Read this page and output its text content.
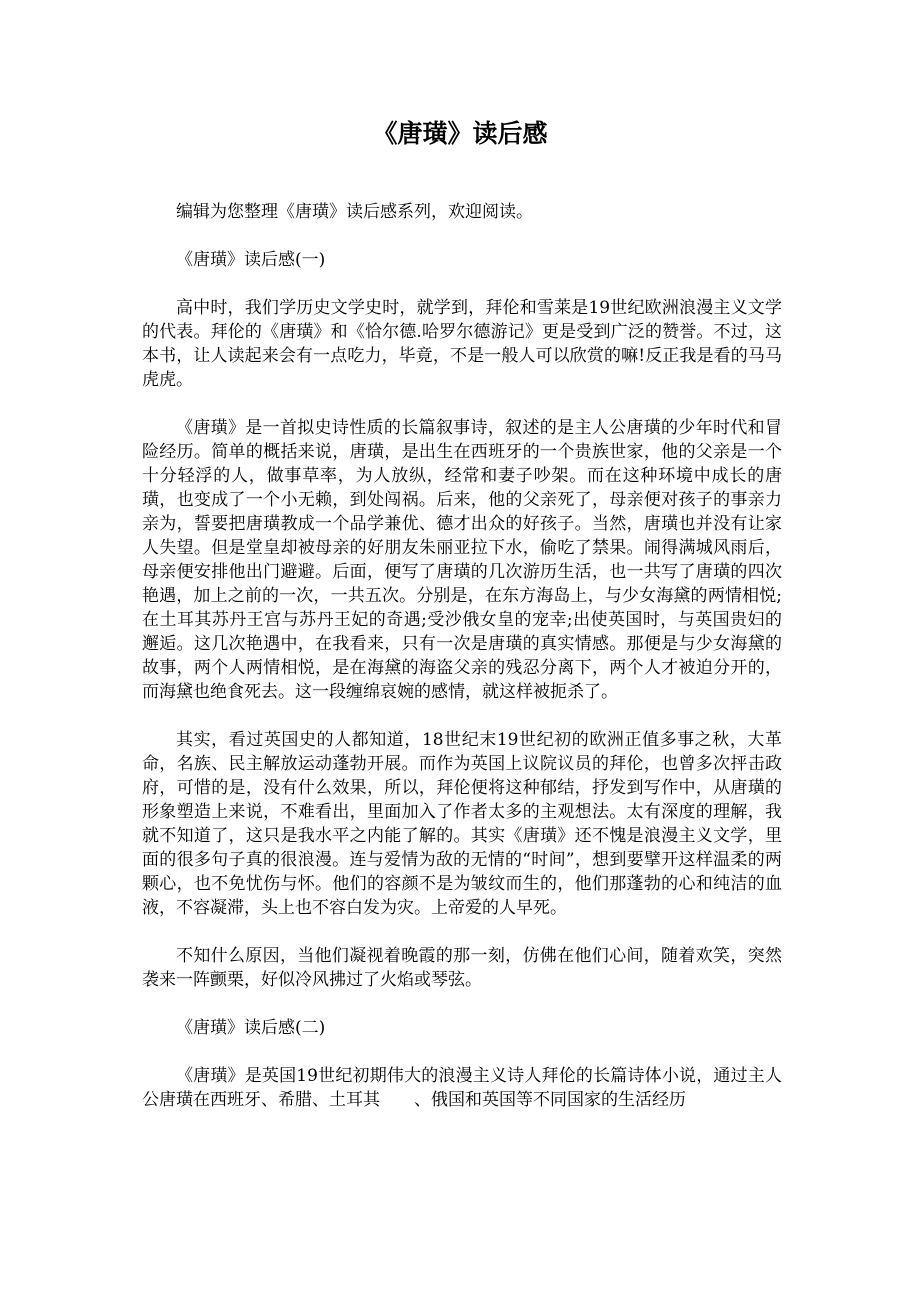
《唐璜》读后感

编辑为您整理《唐璜》读后感系列，欢迎阅读。

《唐璜》读后感(一)

高中时，我们学历史文学史时，就学到，拜伦和雪莱是19世纪欧洲浪漫主义文学的代表。拜伦的《唐璜》和《恰尔德.哈罗尔德游记》更是受到广泛的赞誉。不过，这本书，让人读起来会有一点吃力，毕竟，不是一般人可以欣赏的嘛!反正我是看的马马虎虎。

《唐璜》是一首拟史诗性质的长篇叙事诗，叙述的是主人公唐璜的少年时代和冒险经历。简单的概括来说，唐璜，是出生在西班牙的一个贵族世家，他的父亲是一个十分轻浮的人，做事草率，为人放纵，经常和妻子吵架。而在这种环境中成长的唐璜，也变成了一个小无赖，到处闯祸。后来，他的父亲死了，母亲便对孩子的事亲力亲为，誓要把唐璜教成一个品学兼优、德才出众的好孩子。当然，唐璜也并没有让家人失望。但是堂皇却被母亲的好朋友朱丽亚拉下水，偷吃了禁果。闹得满城风雨后，母亲便安排他出门避避。后面，便写了唐璜的几次游历生活，也一共写了唐璜的四次艳遇，加上之前的一次，一共五次。分别是，在东方海岛上，与少女海黛的两情相悦;在土耳其苏丹王宫与苏丹王妃的奇遇;受沙俄女皇的宠幸;出使英国时，与英国贵妇的邂逅。这几次艳遇中，在我看来，只有一次是唐璜的真实情感。那便是与少女海黛的故事，两个人两情相悦，是在海黛的海盗父亲的残忍分离下，两个人才被迫分开的，而海黛也绝食死去。这一段缠绵哀婉的感情，就这样被扼杀了。

其实，看过英国史的人都知道，18世纪末19世纪初的欧洲正值多事之秋，大革命，名族、民主解放运动蓬勃开展。而作为英国上议院议员的拜伦，也曾多次抨击政府，可惜的是，没有什么效果，所以，拜伦便将这种郁结，抒发到写作中，从唐璜的形象塑造上来说，不难看出，里面加入了作者太多的主观想法。太有深度的理解，我就不知道了，这只是我水平之内能了解的。其实《唐璜》还不愧是浪漫主义文学，里面的很多句子真的很浪漫。连与爱情为敌的无情的“时间”，想到要擘开这样温柔的两颗心，也不免忧伤与怀。他们的容颜不是为皱纹而生的，他们那蓬勃的心和纯洁的血液，不容凝滞，头上也不容白发为灾。上帝爱的人早死。

不知什么原因，当他们凝视着晚霞的那一刻，仿佛在他们心间，随着欢笑，突然袭来一阵颤栗，好似冷风拂过了火焰或琴弦。

《唐璜》读后感(二)

《唐璜》是英国19世纪初期伟大的浪漫主义诗人拜伦的长篇诗体小说，通过主人公唐璜在西班牙、希腊、土耳其　　、俄国和英国等不同国家的生活经历
